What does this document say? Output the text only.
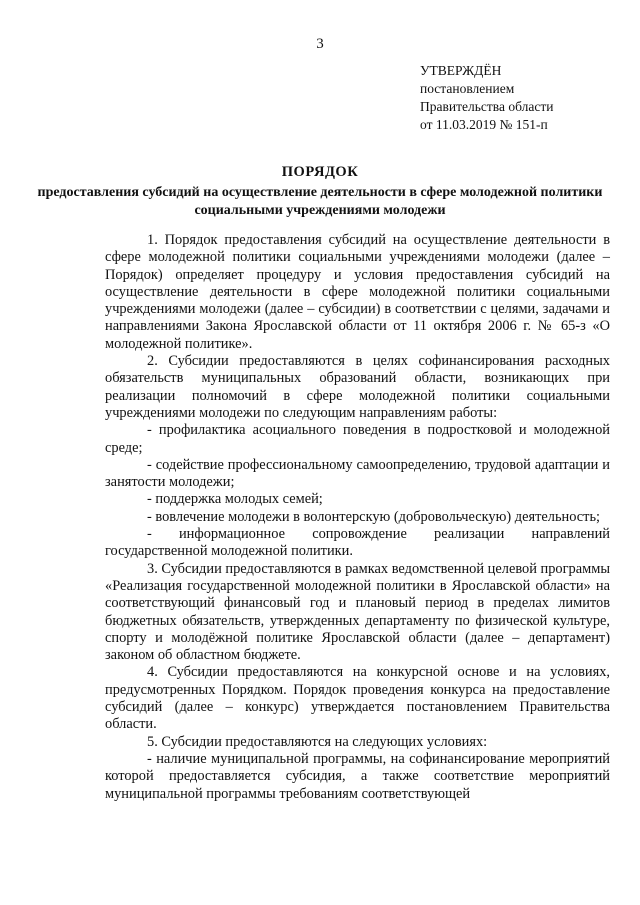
3
УТВЕРЖДЁН
постановлением
Правительства области
от 11.03.2019 № 151-п
ПОРЯДОК
предоставления субсидий на осуществление деятельности в сфере молодежной политики социальными учреждениями молодежи

1. Порядок предоставления субсидий на осуществление деятельности в сфере молодежной политики социальными учреждениями молодежи (далее – Порядок) определяет процедуру и условия предоставления субсидий на осуществление деятельности в сфере молодежной политики социальными учреждениями молодежи (далее – субсидии) в соответствии с целями, задачами и направлениями Закона Ярославской области от 11 октября 2006 г. № 65-з «О молодежной политике».

2. Субсидии предоставляются в целях софинансирования расходных обязательств муниципальных образований области, возникающих при реализации полномочий в сфере молодежной политики социальными учреждениями молодежи по следующим направлениям работы:

- профилактика асоциального поведения в подростковой и молодежной среде;

- содействие профессиональному самоопределению, трудовой адаптации и занятости молодежи;

- поддержка молодых семей;

- вовлечение молодежи в волонтерскую (добровольческую) деятельность;

- информационное сопровождение реализации направлений государственной молодежной политики.

3. Субсидии предоставляются в рамках ведомственной целевой программы «Реализация государственной молодежной политики в Ярославской области» на соответствующий финансовый год и плановый период в пределах лимитов бюджетных обязательств, утвержденных департаменту по физической культуре, спорту и молодёжной политике Ярославской области (далее – департамент) законом об областном бюджете.

4. Субсидии предоставляются на конкурсной основе и на условиях, предусмотренных Порядком. Порядок проведения конкурса на предоставление субсидий (далее – конкурс) утверждается постановлением Правительства области.

5. Субсидии предоставляются на следующих условиях:

- наличие муниципальной программы, на софинансирование мероприятий которой предоставляется субсидия, а также соответствие мероприятий муниципальной программы требованиям соответствующей
